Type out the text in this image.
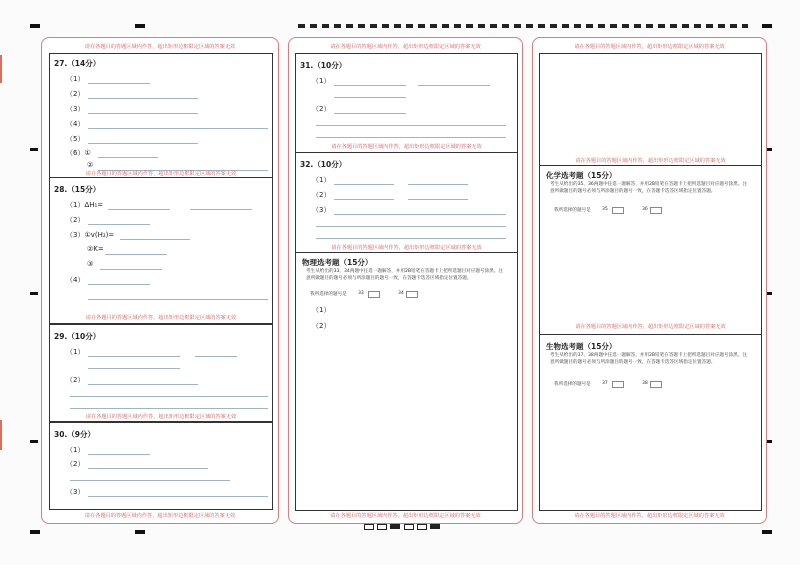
请在各题目的答题区域内作答，超出矩形边框限定区域的答案无效
27.（14分）
（1）
（2）
（3）
（4）
（5）
（6）①
②
请在各题目的答题区域内作答，超出矩形边框限定区域的答案无效
28.（15分）
（1）ΔH₁=
（2）
（3）①v(H₂)=
②K=
③
（4）
请在各题目的答题区域内作答，超出矩形边框限定区域的答案无效
29.（10分）
（1）
（2）
请在各题目的答题区域内作答，超出矩形边框限定区域的答案无效
30.（9分）
（1）
（2）
（3）
请在各题目的答题区域内作答，超出矩形边框限定区域的答案无效
请在各题目的答题区域内作答，超出矩形边框限定区域的答案无效
31.（10分）
（1）
（2）
请在各题目的答题区域内作答，超出矩形边框限定区域的答案无效
32.（10分）
（1）
（2）
（3）
请在各题目的答题区域内作答，超出矩形边框限定区域的答案无效
物理选考题（15分）
考生从给出的33、34两题中任选一题解答，并用2B铅笔在答题卡上把所选题目对应题号涂黑。注意所做题目的题号必须与所涂题目的题号一致，在答题卡选答区域指定位置答题。
我所选择的题号是 33	34
（1）
（2）
请在各题目的答题区域内作答，超出矩形边框限定区域的答案无效
请在各题目的答题区域内作答，超出矩形边框限定区域的答案无效
请在各题目的答题区域内作答，超出矩形边框限定区域的答案无效
化学选考题（15分）
考生从给出的35、36两题中任选一题解答，并用2B铅笔在答题卡上把所选题目对应题号涂黑。注意所做题目的题号必须与所涂题目的题号一致，在答题卡选答区域指定位置答题。
我所选择的题号是 35	36
请在各题目的答题区域内作答，超出矩形边框限定区域的答案无效
生物选考题（15分）
考生从给出的37、38两题中任选一题解答，并用2B铅笔在答题卡上把所选题目对应题号涂黑。注意所做题目的题号必须与所涂题目的题号一致，在答题卡选答区域指定位置答题。
我所选择的题号是 37	38
请在各题目的答题区域内作答，超出矩形边框限定区域的答案无效
